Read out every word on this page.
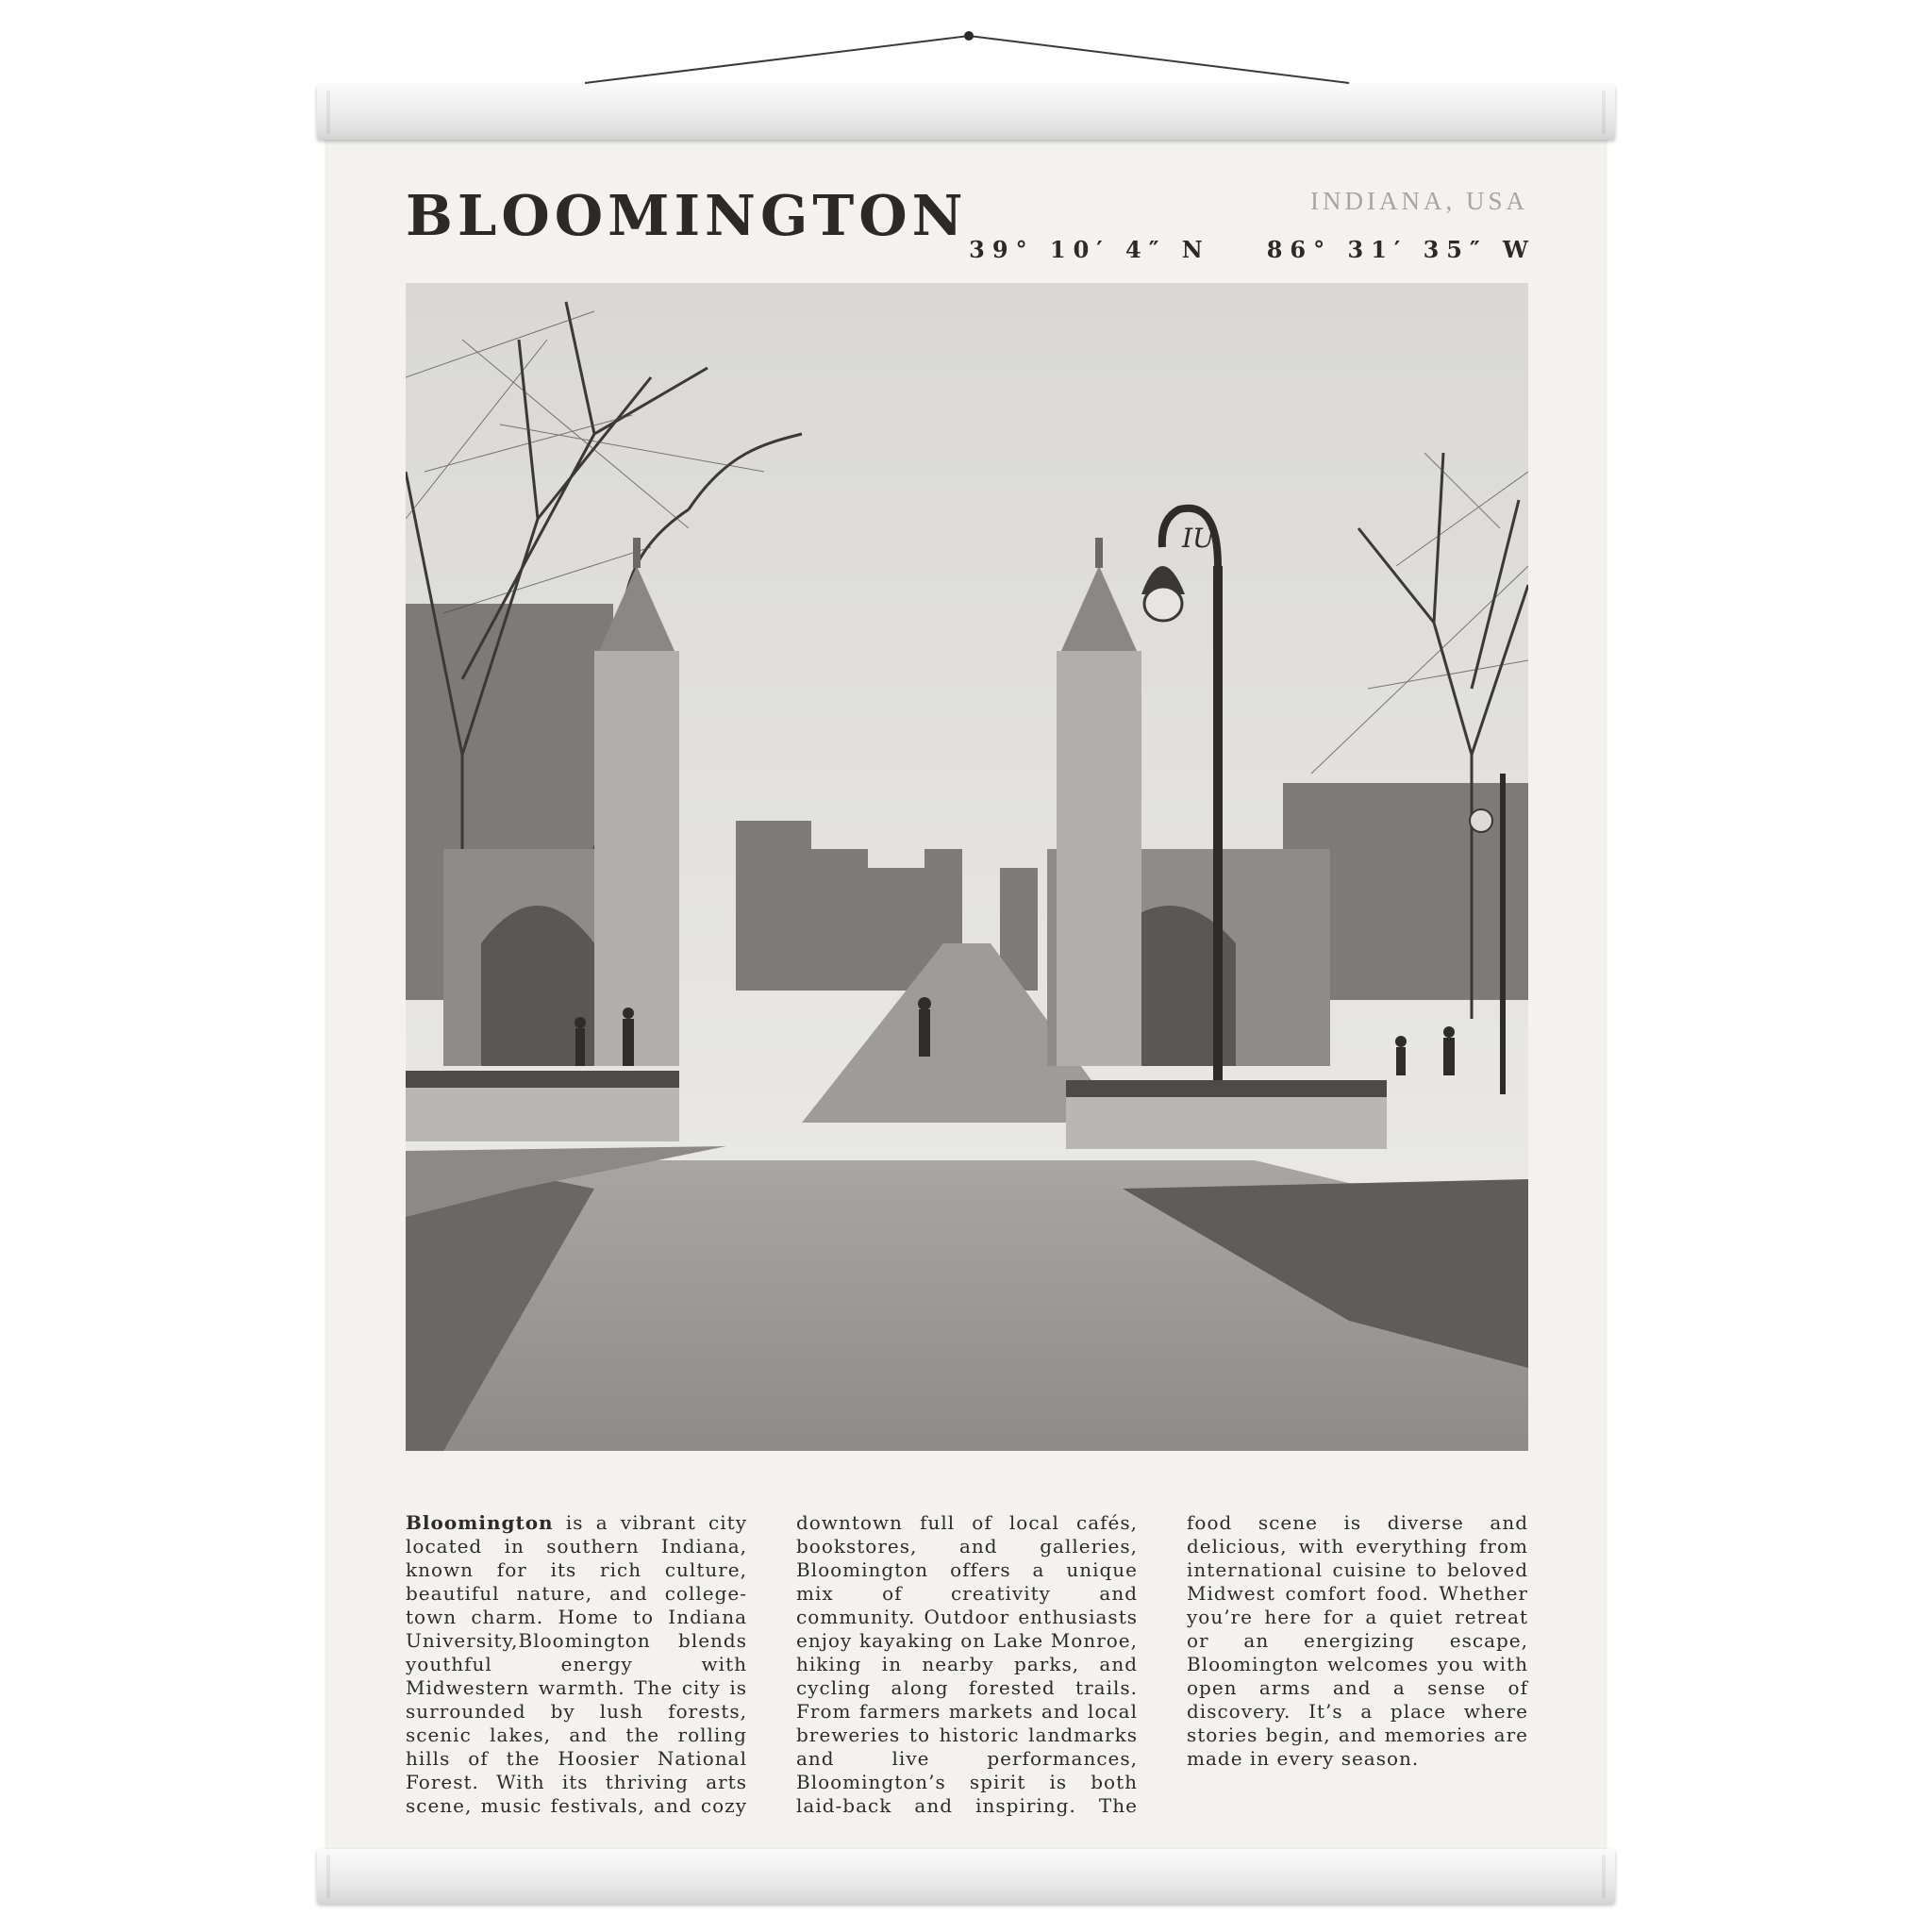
BLOOMINGTON	INDIANA, USA
39° 10′ 4″ N	86° 31′ 35″ W
IU
Bloomington is a vibrant city located in southern Indiana, known for its rich culture, beautiful nature, and college-town charm. Home to Indiana University,Bloomington blends youthful energy with Midwestern warmth. The city is surrounded by lush forests, scenic lakes, and the rolling hills of the Hoosier National Forest. With its thriving arts scene, music festivals, and cozy downtown full of local cafés, bookstores, and galleries, Bloomington offers a unique mix of creativity and community. Outdoor enthusiasts enjoy kayaking on Lake Monroe, hiking in nearby parks, and cycling along forested trails. From farmers markets and local breweries to historic landmarks and live performances, Bloomington’s spirit is both laid-back and inspiring. The food scene is diverse and delicious, with everything from international cuisine to beloved Midwest comfort food. Whether you’re here for a quiet retreat or an energizing escape, Bloomington welcomes you with open arms and a sense of discovery. It’s a place where stories begin, and memories are made in every season.
